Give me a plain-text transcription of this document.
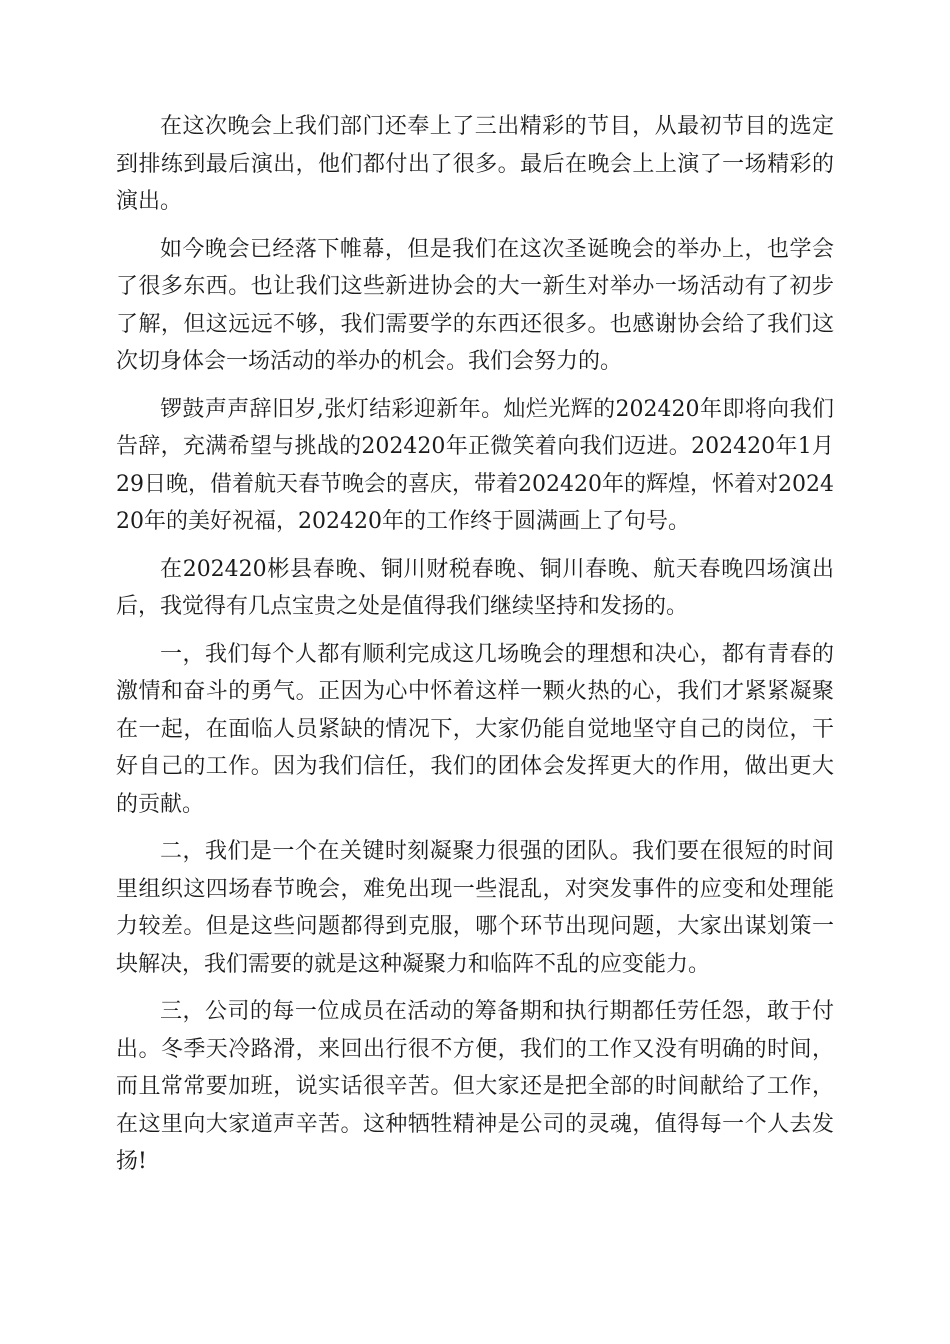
在这次晚会上我们部门还奉上了三出精彩的节目，从最初节目的选定到排练到最后演出，他们都付出了很多。最后在晚会上上演了一场精彩的演出。

如今晚会已经落下帷幕，但是我们在这次圣诞晚会的举办上，也学会了很多东西。也让我们这些新进协会的大一新生对举办一场活动有了初步了解，但这远远不够，我们需要学的东西还很多。也感谢协会给了我们这次切身体会一场活动的举办的机会。我们会努力的。

锣鼓声声辞旧岁,张灯结彩迎新年。灿烂光辉的202420年即将向我们告辞，充满希望与挑战的202420年正微笑着向我们迈进。202420年1月29日晚，借着航天春节晚会的喜庆，带着202420年的辉煌，怀着对202420年的美好祝福，202420年的工作终于圆满画上了句号。

在202420彬县春晚、铜川财税春晚、铜川春晚、航天春晚四场演出后，我觉得有几点宝贵之处是值得我们继续坚持和发扬的。

一，我们每个人都有顺利完成这几场晚会的理想和决心，都有青春的激情和奋斗的勇气。正因为心中怀着这样一颗火热的心，我们才紧紧凝聚在一起，在面临人员紧缺的情况下，大家仍能自觉地坚守自己的岗位，干好自己的工作。因为我们信任，我们的团体会发挥更大的作用，做出更大的贡献。

二，我们是一个在关键时刻凝聚力很强的团队。我们要在很短的时间里组织这四场春节晚会，难免出现一些混乱，对突发事件的应变和处理能力较差。但是这些问题都得到克服，哪个环节出现问题，大家出谋划策一块解决，我们需要的就是这种凝聚力和临阵不乱的应变能力。

三，公司的每一位成员在活动的筹备期和执行期都任劳任怨，敢于付出。冬季天冷路滑，来回出行很不方便，我们的工作又没有明确的时间，而且常常要加班，说实话很辛苦。但大家还是把全部的时间献给了工作，在这里向大家道声辛苦。这种牺牲精神是公司的灵魂，值得每一个人去发扬!
